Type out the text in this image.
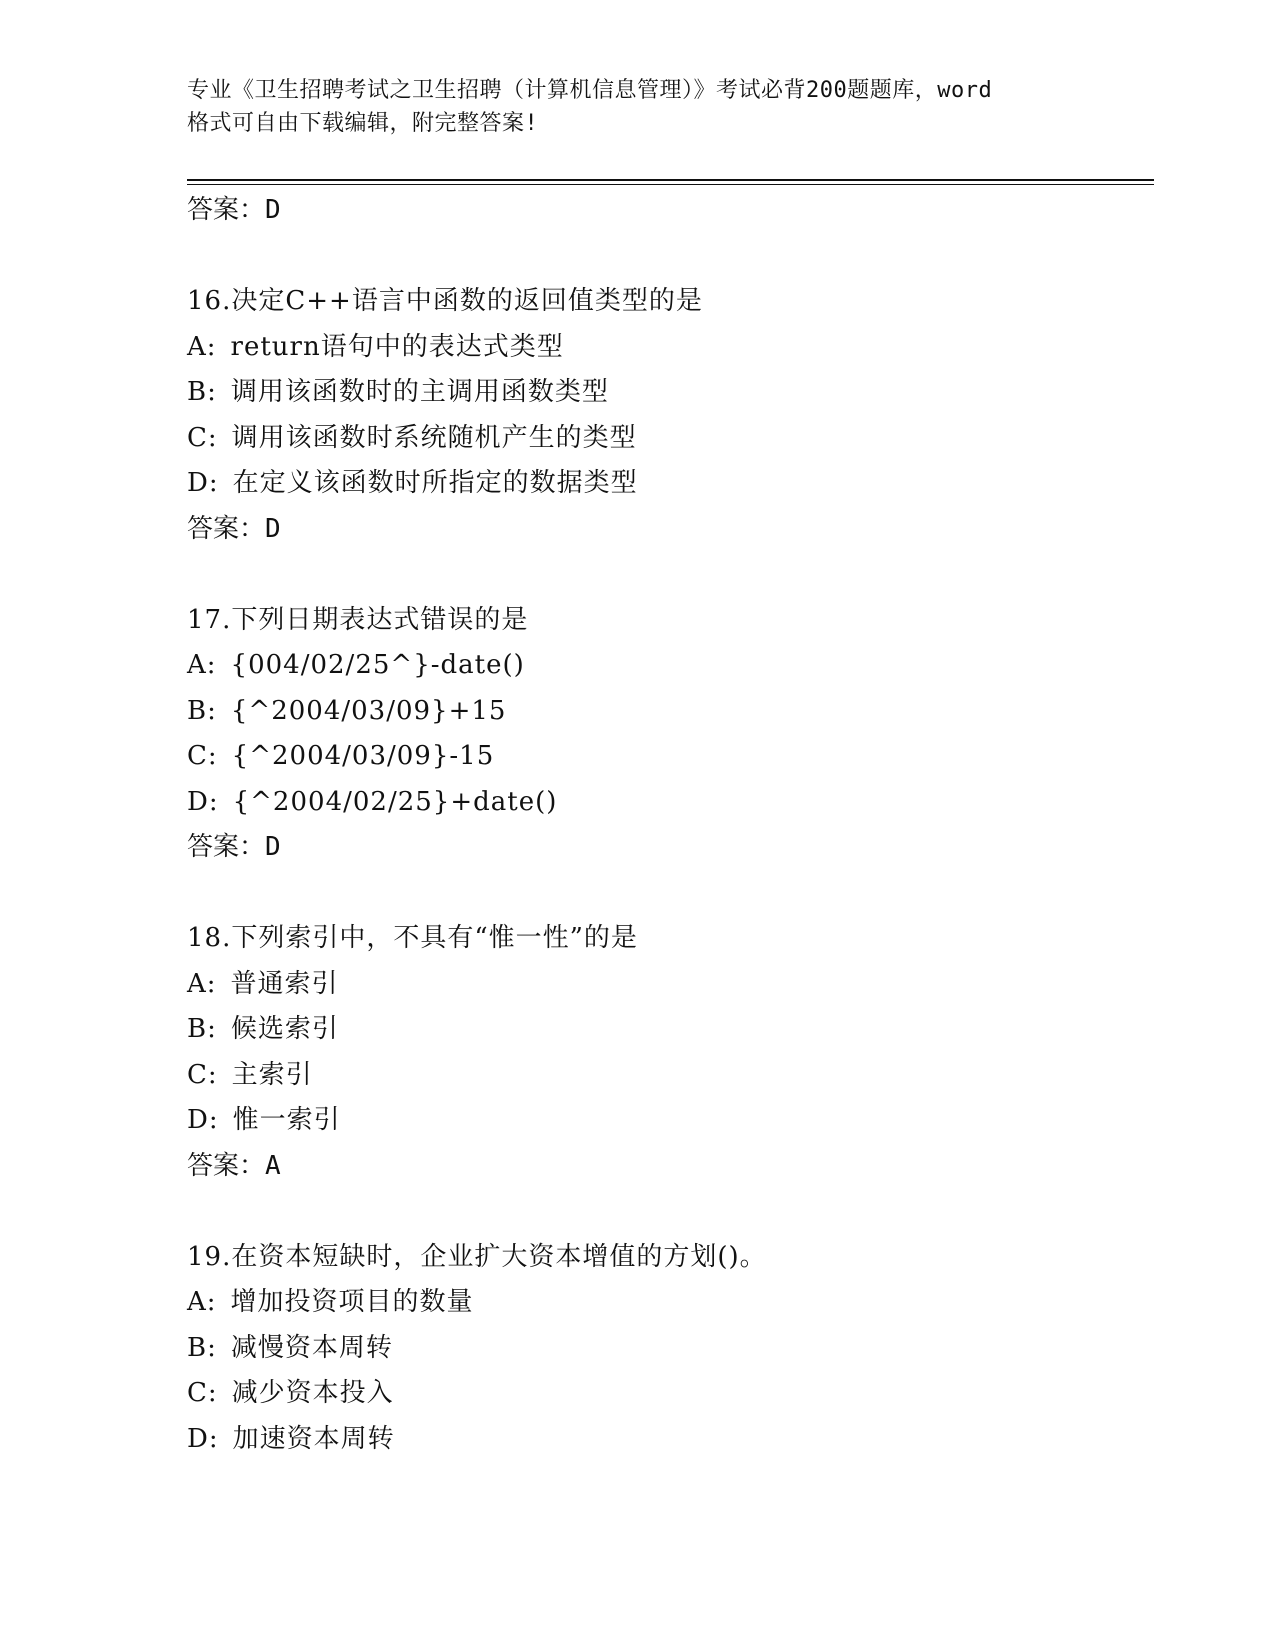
专业《卫生招聘考试之卫生招聘（计算机信息管理）》考试必背200题题库，word
格式可自由下载编辑，附完整答案!
答案：D
16.决定C++语言中函数的返回值类型的是
A: return语句中的表达式类型
B: 调用该函数时的主调用函数类型
C: 调用该函数时系统随机产生的类型
D: 在定义该函数时所指定的数据类型
答案：D
17.下列日期表达式错误的是
A: {004/02/25^}-date()
B: {^2004/03/09}+15
C: {^2004/03/09}-15
D: {^2004/02/25}+date()
答案：D
18.下列索引中，不具有“惟一性”的是
A: 普通索引
B: 候选索引
C: 主索引
D: 惟一索引
答案：A
19.在资本短缺时，企业扩大资本增值的方划()。
A: 增加投资项目的数量
B: 减慢资本周转
C: 减少资本投入
D: 加速资本周转
